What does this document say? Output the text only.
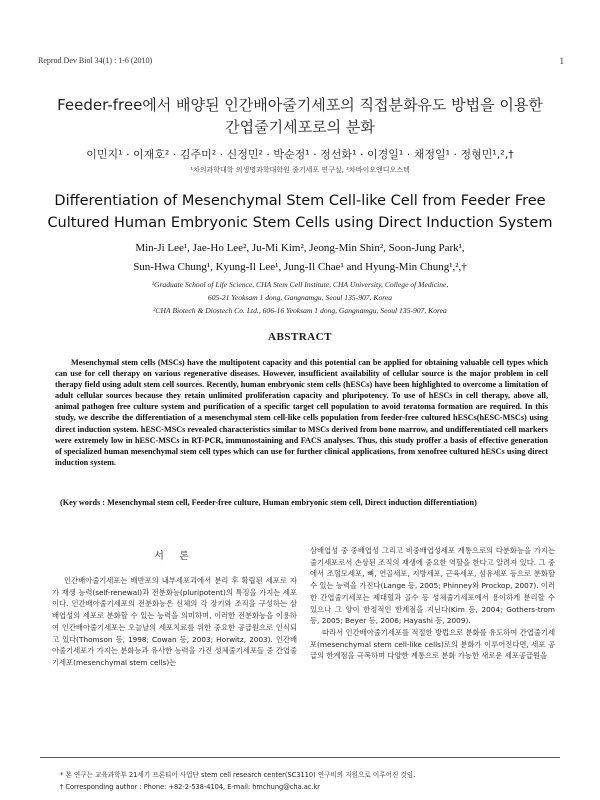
Reprod Dev Biol 34(1) : 1-6 (2010)	1
Feeder-free에서 배양된 인간배아줄기세포의 직접분화유도 방법을 이용한
간엽줄기세포로의 분화
이민지¹ · 이재호² · 김주미² · 신정민² · 박순정¹ · 정선화¹ · 이경일¹ · 채정일¹ · 정형민¹,²,†
¹차의과학대학 의생명과학대학원 줄기세포 연구실, ²차바이오앤디오스텍
Differentiation of Mesenchymal Stem Cell-like Cell from Feeder Free
Cultured Human Embryonic Stem Cells using Direct Induction System
Min-Ji Lee¹, Jae-Ho Lee², Ju-Mi Kim², Jeong-Min Shin², Soon-Jung Park¹,
Sun-Hwa Chung¹, Kyung-Il Lee¹, Jung-Il Chae¹ and Hyung-Min Chung¹,²,†
¹Graduate School of Life Science, CHA Stem Cell Institute, CHA University, College of Medicine,
605-21 Yeoksam 1 dong, Gangnamgu, Seoul 135-907, Korea
²CHA Biotech & Diostech Co. Ltd., 606-16 Yeoksam 1 dong, Gangnamgu, Seoul 135-907, Korea
ABSTRACT
Mesenchymal stem cells (MSCs) have the multipotent capacity and this potential can be applied for obtaining valuable cell types which can use for cell therapy on various regenerative diseases. However, insufficient availability of cellular source is the major problem in cell therapy field using adult stem cell sources. Recently, human embryonic stem cells (hESCs) have been highlighted to overcome a limitation of adult cellular sources because they retain unlimited proliferation capacity and pluripotency. To use of hESCs in cell therapy, above all, animal pathogen free culture system and purification of a specific target cell population to avoid teratoma formation are required. In this study, we describe the differentiation of a mesenchymal stem cell-like cells population from feeder-free cultured hESCs(hESC-MSCs) using direct induction system. hESC-MSCs revealed characteristics similar to MSCs derived from bone marrow, and undifferentiated cell markers were extremely low in hESC-MSCs in RT-PCR, immunostaining and FACS analyses. Thus, this study proffer a basis of effective generation of specialized human mesenchymal stem cell types which can use for further clinical applications, from xenofree cultured hESCs using direct induction system.
(Key words : Mesenchymal stem cell, Feeder-free culture, Human embryonic stem cell, Direct induction differentiation)
서 론

인간배아줄기세포는 배반포의 내부세포괴에서 분리 후 확립된 세포로 자가 재생 능력(self-renewal)과 전분화능(pluripotent)의 특징을 가지는 세포이다. 인간배아줄기세포의 전분화능은 신체의 각 장기와 조직을 구성하는 삼배엽성의 세포로 분화할 수 있는 능력을 의미하며, 이러한 전분화능을 이용하여 인간배아줄기세포는 오늘날의 세포치료를 위한 중요한 공급원으로 인식되고 있다(Thomson 등, 1998; Cowan 등, 2003; Horwitz, 2003). 인간배아줄기세포가 가지는 분화능과 유사한 능력을 가진 성체줄기세포들 중 간엽줄기세포(mesenchymal stem cells)는

삼배엽성 중 중배엽성 그리고 비중배엽성세포 계통으로의 다분화능을 가지는 줄기세포로서 손상된 조직의 재생에 중요한 역할을 한다고 알려져 있다. 그 중에서 조혈모세포, 뼈, 연골세포, 지방세포, 근육세포, 섬유세포 등으로 분화할 수 있는 능력을 가진다(Lange 등, 2005; Phinney와 Prockop, 2007). 이러한 간엽줄기세포는 제대혈과 골수 등 성체줄기세포에서 용이하게 분리할 수 있으나 그 양이 한정적인 한계점을 지닌다(Kim 등, 2004; Gothers-trom 등, 2005; Beyer 등, 2006; Hayashi 등, 2009).

따라서 인간배아줄기세포를 적절한 방법으로 분화를 유도하여 간엽줄기세포(mesenchymal stem cell-like cells)로의 분화가 이루어진다면, 세포 공급의 한계점을 극복하며 다양한 계통으로 분화 가능한 새로운 세포공급원을

* 본 연구는 교육과학부 21세기 프론티어 사업단 stem cell research center(SC3110) 연구비의 지원으로 이루어진 것임.
† Corresponding author : Phone: +82-2-538-4104, E-mail: hmchung@cha.ac.kr
